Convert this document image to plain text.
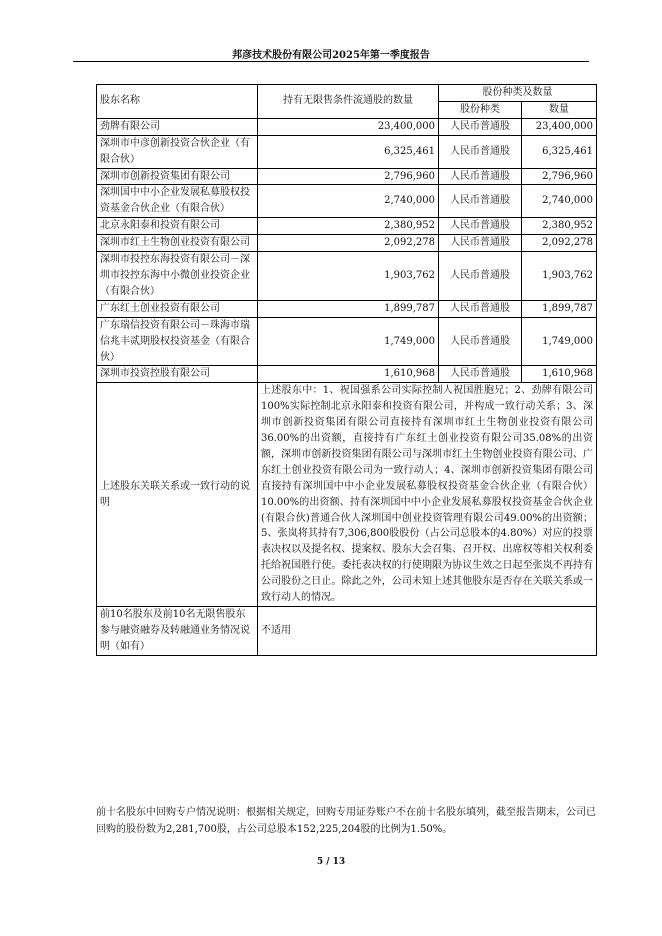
邦彦技术股份有限公司2025年第一季度报告
股东名称	持有无限售条件流通股的数量	股份种类及数量	
		股份种类	数量
劲牌有限公司	23,400,000	人民币普通股	23,400,000
深圳市中彦创新投资合伙企业（有限合伙）	6,325,461	人民币普通股	6,325,461
深圳市创新投资集团有限公司	2,796,960	人民币普通股	2,796,960
深圳国中中小企业发展私募股权投资基金合伙企业（有限合伙）	2,740,000	人民币普通股	2,740,000
北京永阳泰和投资有限公司	2,380,952	人民币普通股	2,380,952
深圳市红土生物创业投资有限公司	2,092,278	人民币普通股	2,092,278
深圳市投控东海投资有限公司－深圳市投控东海中小微创业投资企业（有限合伙）	1,903,762	人民币普通股	1,903,762
广东红土创业投资有限公司	1,899,787	人民币普通股	1,899,787
广东瑞信投资有限公司－珠海市瑞信兆丰贰期股权投资基金（有限合伙）	1,749,000	人民币普通股	1,749,000
深圳市投资控股有限公司	1,610,968	人民币普通股	1,610,968
上述股东关联关系或一致行动的说明	上述股东中：1、祝国强系公司实际控制人祝国胜胞兄；2、劲牌有限公司100%实际控制北京永阳泰和投资有限公司，并构成一致行动关系；3、深圳市创新投资集团有限公司直接持有深圳市红土生物创业投资有限公司36.00%的出资额，直接持有广东红土创业投资有限公司35.08%的出资额，深圳市创新投资集团有限公司与深圳市红土生物创业投资有限公司、广东红土创业投资有限公司为一致行动人；4、深圳市创新投资集团有限公司直接持有深圳国中中小企业发展私募股权投资基金合伙企业（有限合伙）10.00%的出资额、持有深圳国中中小企业发展私募股权投资基金合伙企业(有限合伙)普通合伙人深圳国中创业投资管理有限公司49.00%的出资额；5、张岚将其持有7,306,800股股份（占公司总股本的4.80%）对应的投票表决权以及提名权、提案权、股东大会召集、召开权、出席权等相关权利委托给祝国胜行使。委托表决权的行使期限为协议生效之日起至张岚不再持有公司股份之日止。除此之外，公司未知上述其他股东是否存在关联关系或一致行动人的情况。		
前10名股东及前10名无限售股东参与融资融券及转融通业务情况说明（如有）	不适用		
前十名股东中回购专户情况说明：根据相关规定，回购专用证券账户不在前十名股东填列，截至报告期末，公司已回购的股份数为2,281,700股，占公司总股本152,225,204股的比例为1.50%。
5 / 13
